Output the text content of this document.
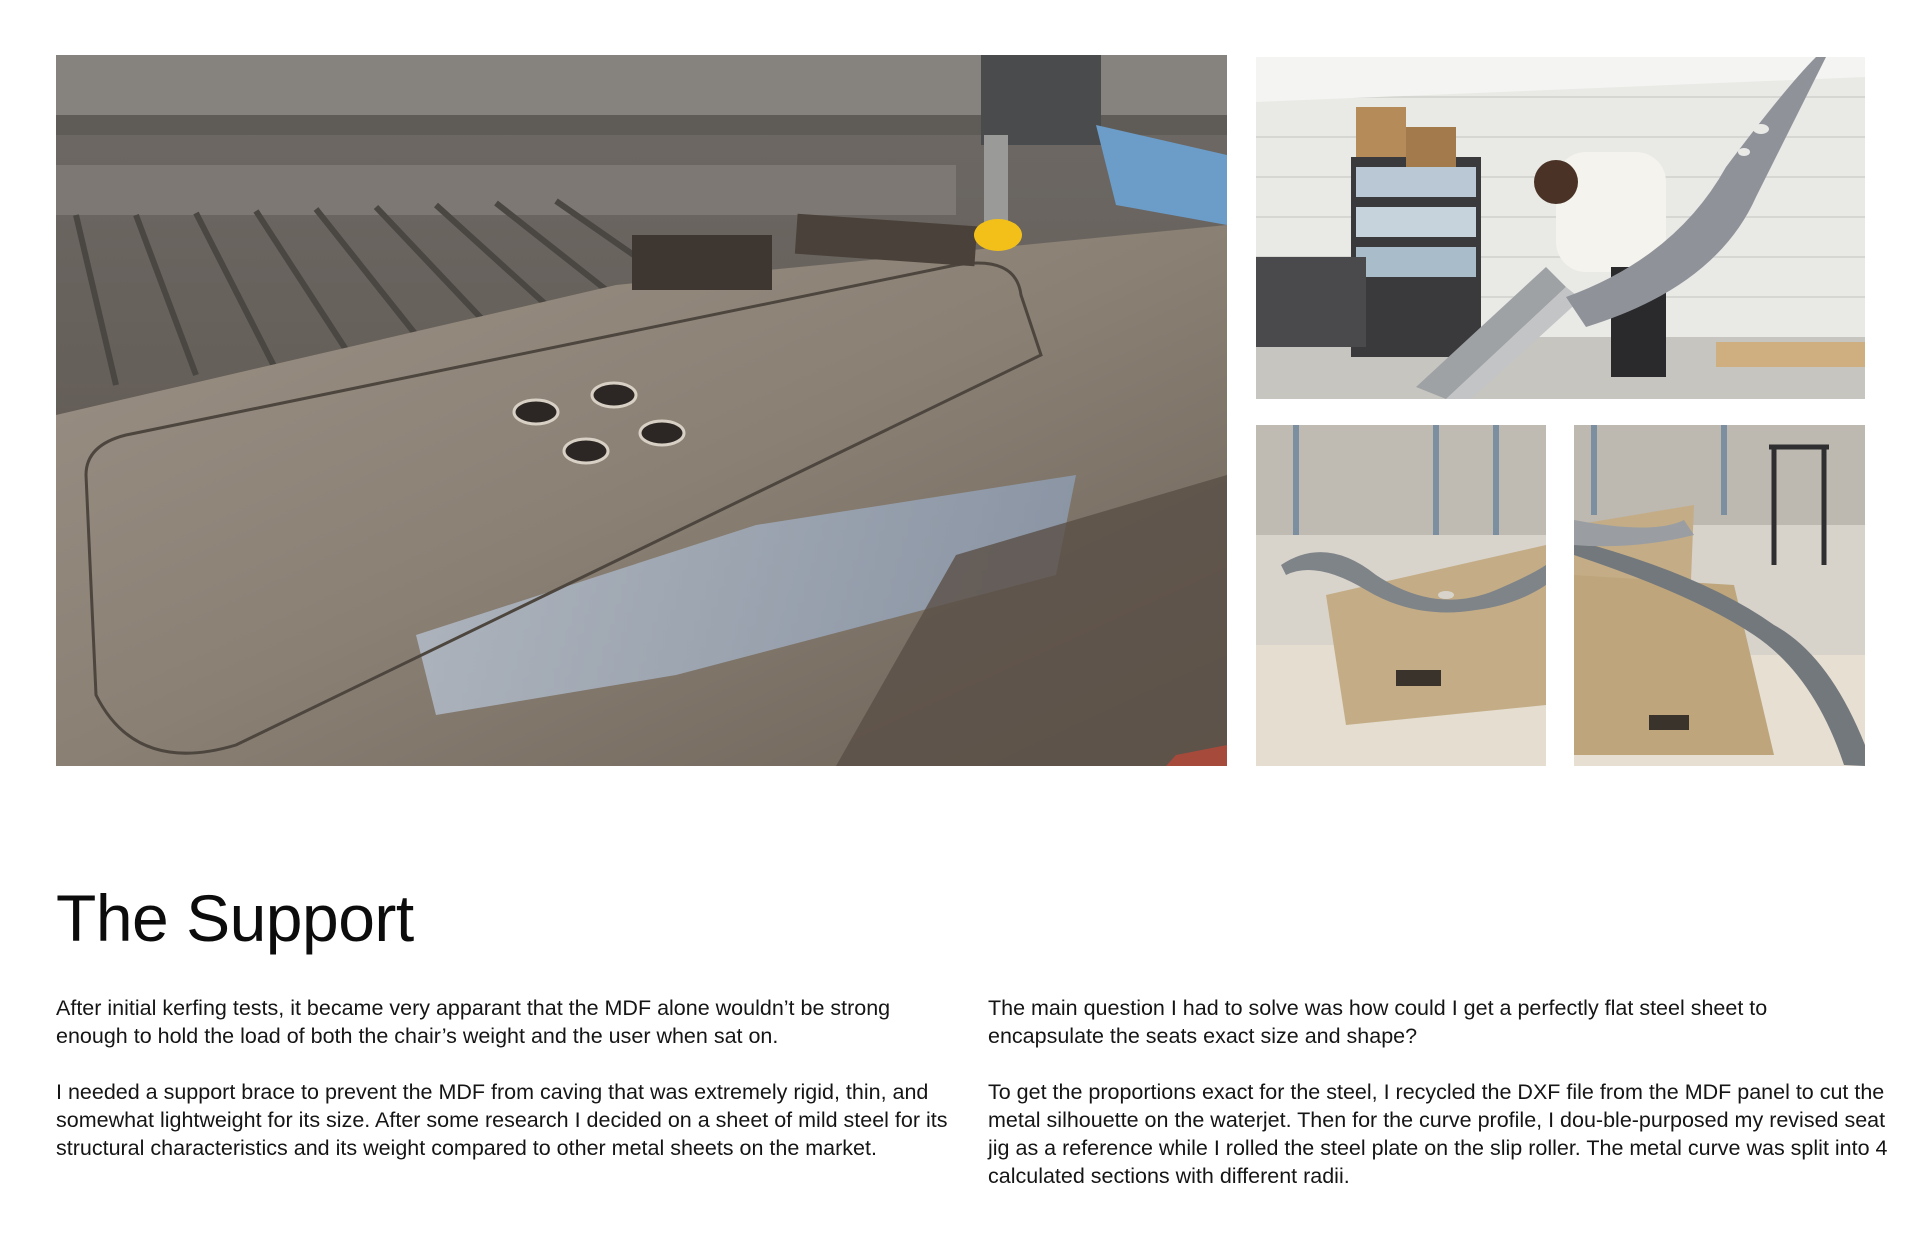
The Support

After initial kerfing tests, it became very apparant that the MDF alone wouldn’t be strong enough to hold the load of both the chair’s weight and the user when sat on.

I needed a support brace to prevent the MDF from caving that was extremely rigid, thin, and somewhat lightweight for its size. After some research I decided on a sheet of mild steel for its structural characteristics and its weight compared to other metal sheets on the market.

The main question I had to solve was how could I get a perfectly flat steel sheet to encapsulate the seats exact size and shape?

To get the proportions exact for the steel, I recycled the DXF file from the MDF panel to cut the metal silhouette on the waterjet. Then for the curve profile, I dou-ble-purposed my revised seat jig as a reference while I rolled the steel plate on the slip roller. The metal curve was split into 4 calculated sections with different radii.
